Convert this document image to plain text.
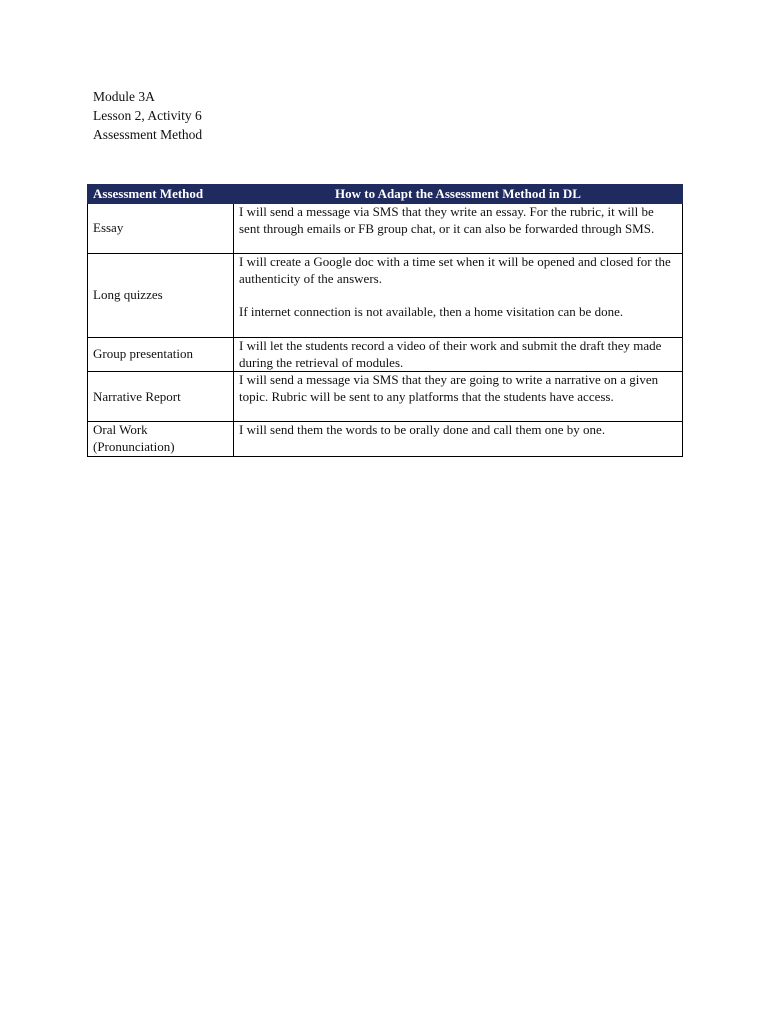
Module 3A
Lesson 2, Activity 6
Assessment Method
Assessment Method	How to Adapt the Assessment Method in DL
Essay	I will send a message via SMS that they write an essay. For the rubric, it will be sent through emails or FB group chat, or it can also be forwarded through SMS.

Long quizzes	I will create a Google doc with a time set when it will be opened and closed for the authenticity of the answers.
If internet connection is not available, then a home visitation can be done.

Group presentation	I will let the students record a video of their work and submit the draft they made during the retrieval of modules.

Narrative Report	I will send a message via SMS that they are going to write a narrative on a given topic. Rubric will be sent to any platforms that the students have access.

Oral Work (Pronunciation)	I will send them the words to be orally done and call them one by one.
